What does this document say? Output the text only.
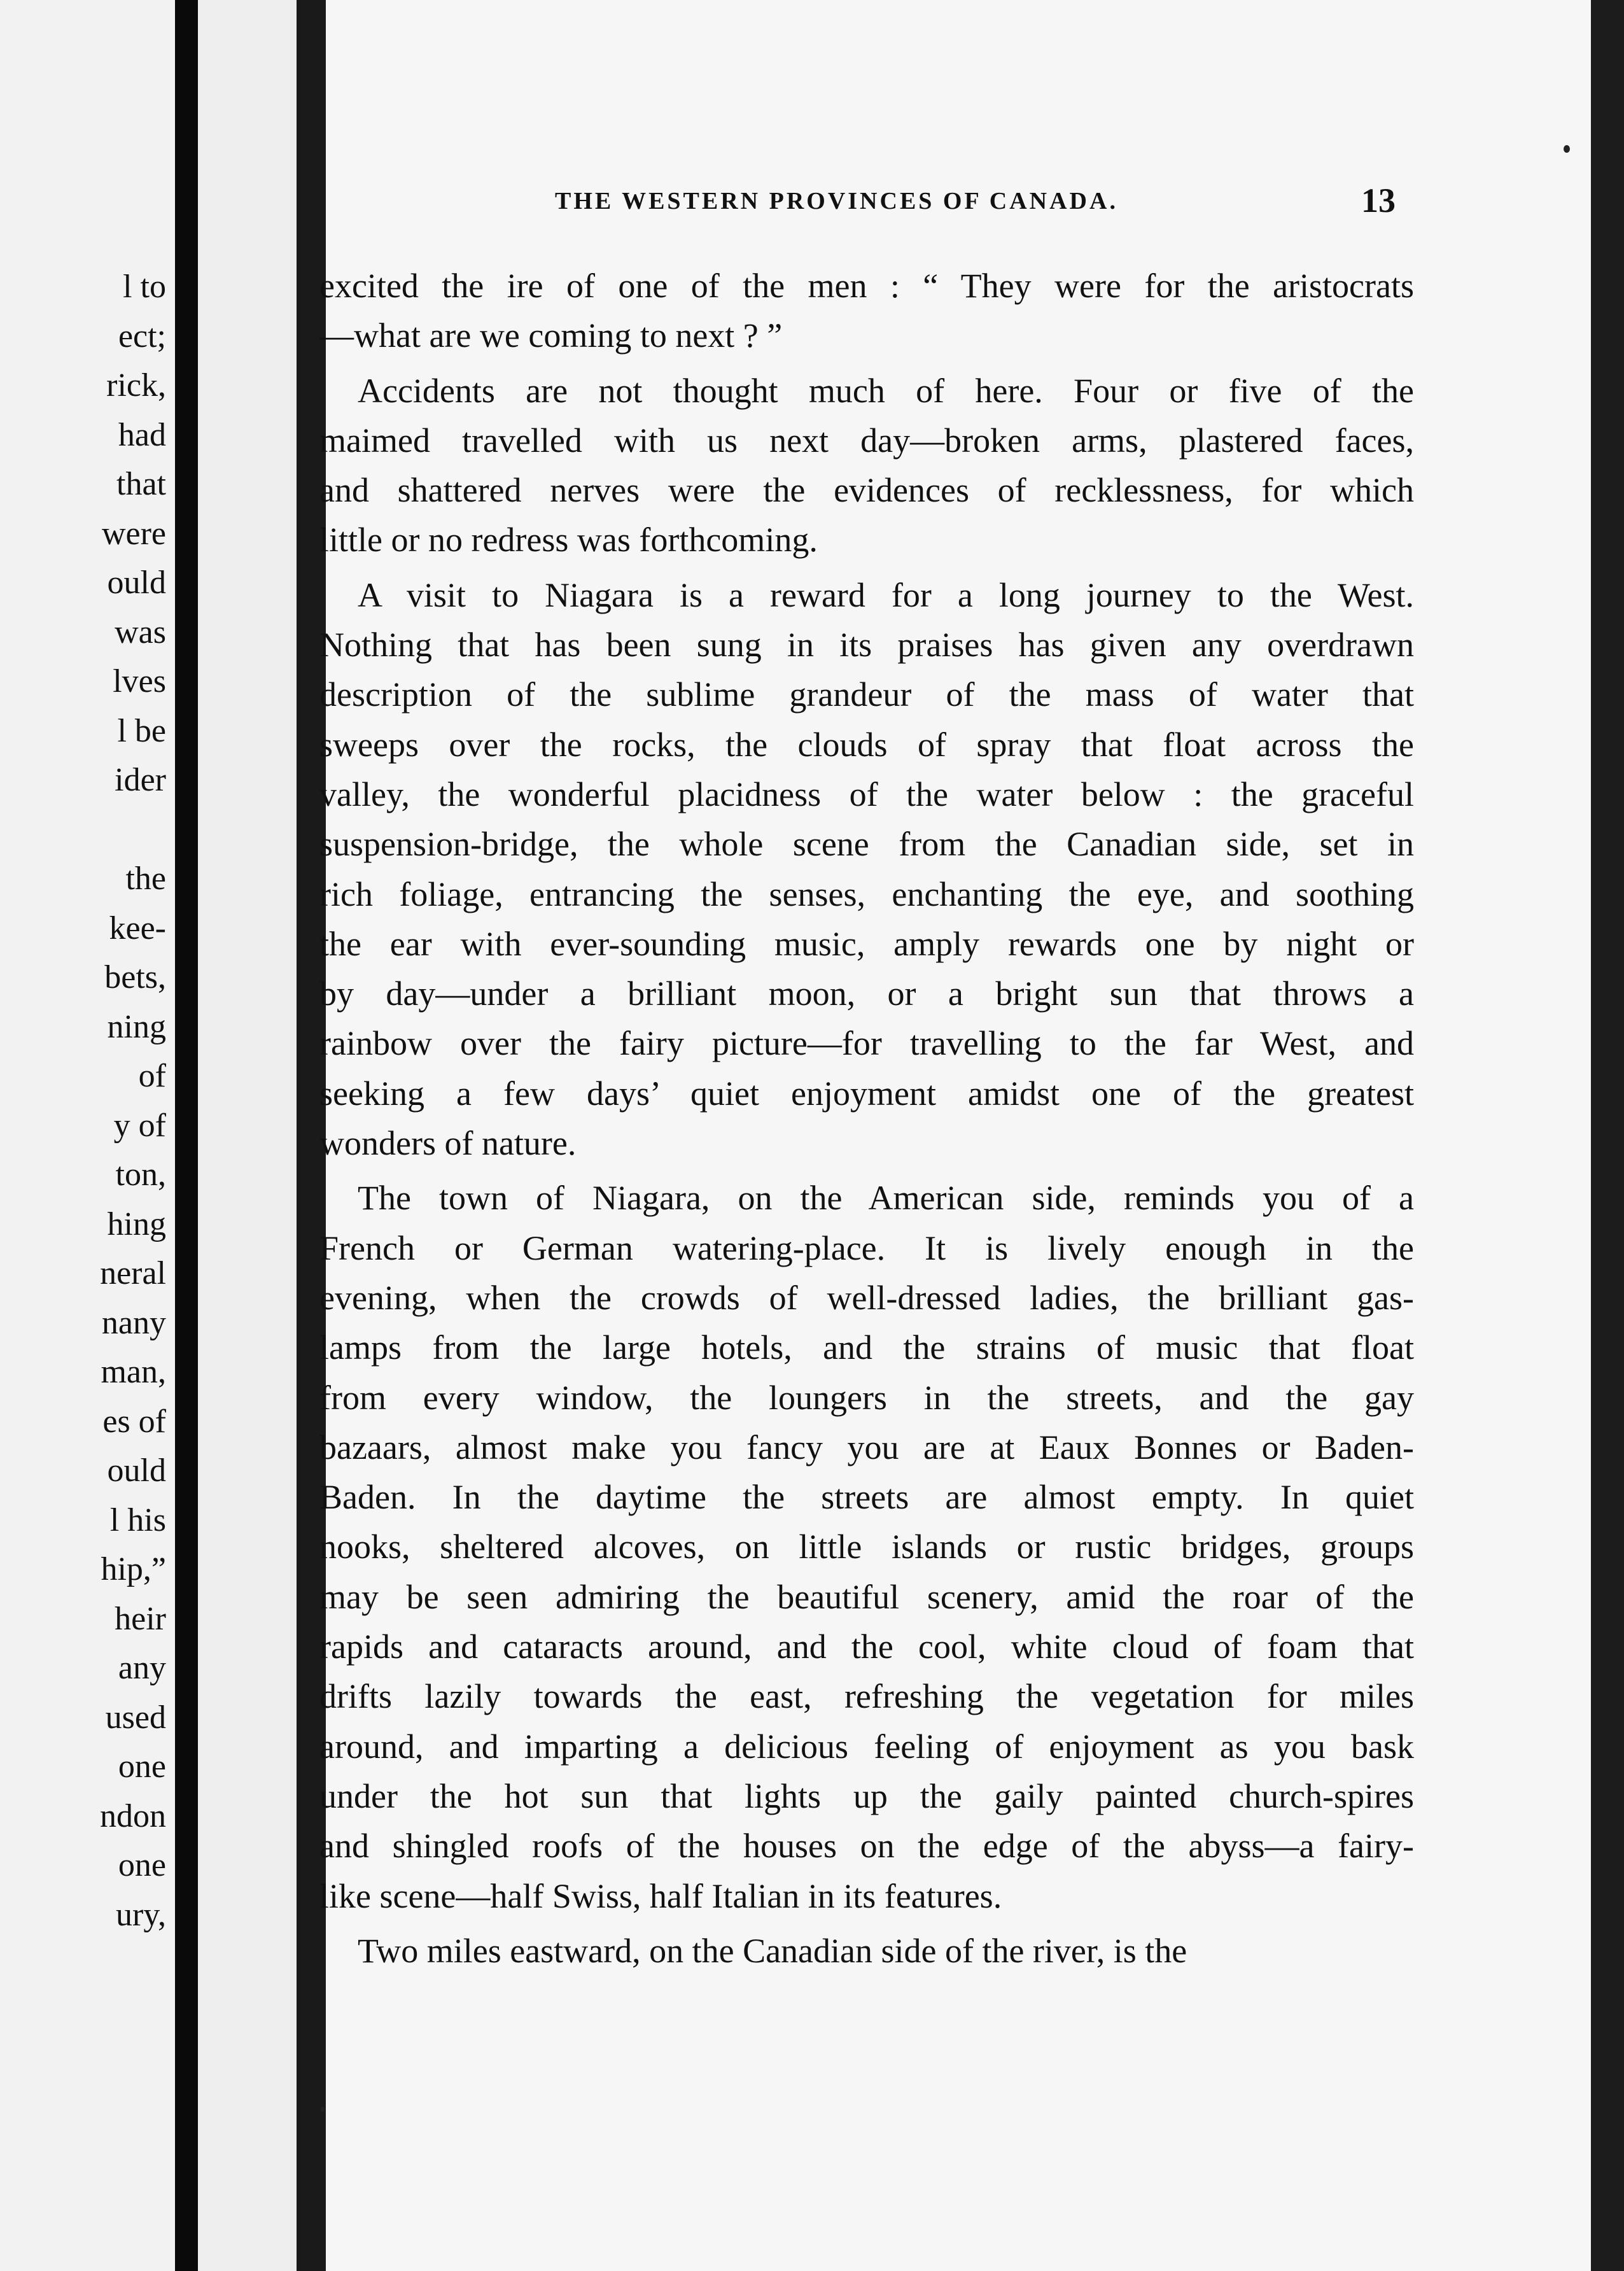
l to
ect;
rick,
had
that
were
ould
was
lves
l be
ider
the
kee-
bets,
ning
of
y of
ton,
hing
neral
nany
man,
es of
ould
l his
hip,”
heir
any
used
one
ndon
one
ury,
THE WESTERN PROVINCES OF CANADA.	13
excited the ire of one of the men : “ They were for the aristocrats
—what are we coming to next ? ”
Accidents are not thought much of here. Four or five of the
maimed travelled with us next day—broken arms, plastered faces,
and shattered nerves were the evidences of recklessness, for which
little or no redress was forthcoming.
A visit to Niagara is a reward for a long journey to the West.
Nothing that has been sung in its praises has given any overdrawn
description of the sublime grandeur of the mass of water that
sweeps over the rocks, the clouds of spray that float across the
valley, the wonderful placidness of the water below : the graceful
suspension-bridge, the whole scene from the Canadian side, set in
rich foliage, entrancing the senses, enchanting the eye, and soothing
the ear with ever-sounding music, amply rewards one by night or
by day—under a brilliant moon, or a bright sun that throws a
rainbow over the fairy picture—for travelling to the far West, and
seeking a few days’ quiet enjoyment amidst one of the greatest
wonders of nature.
The town of Niagara, on the American side, reminds you of a
French or German watering-place. It is lively enough in the
evening, when the crowds of well-dressed ladies, the brilliant gas-
lamps from the large hotels, and the strains of music that float
from every window, the loungers in the streets, and the gay
bazaars, almost make you fancy you are at Eaux Bonnes or Baden-
Baden. In the daytime the streets are almost empty. In quiet
nooks, sheltered alcoves, on little islands or rustic bridges, groups
may be seen admiring the beautiful scenery, amid the roar of the
rapids and cataracts around, and the cool, white cloud of foam that
drifts lazily towards the east, refreshing the vegetation for miles
around, and imparting a delicious feeling of enjoyment as you bask
under the hot sun that lights up the gaily painted church-spires
and shingled roofs of the houses on the edge of the abyss—a fairy-
like scene—half Swiss, half Italian in its features.
Two miles eastward, on the Canadian side of the river, is the
